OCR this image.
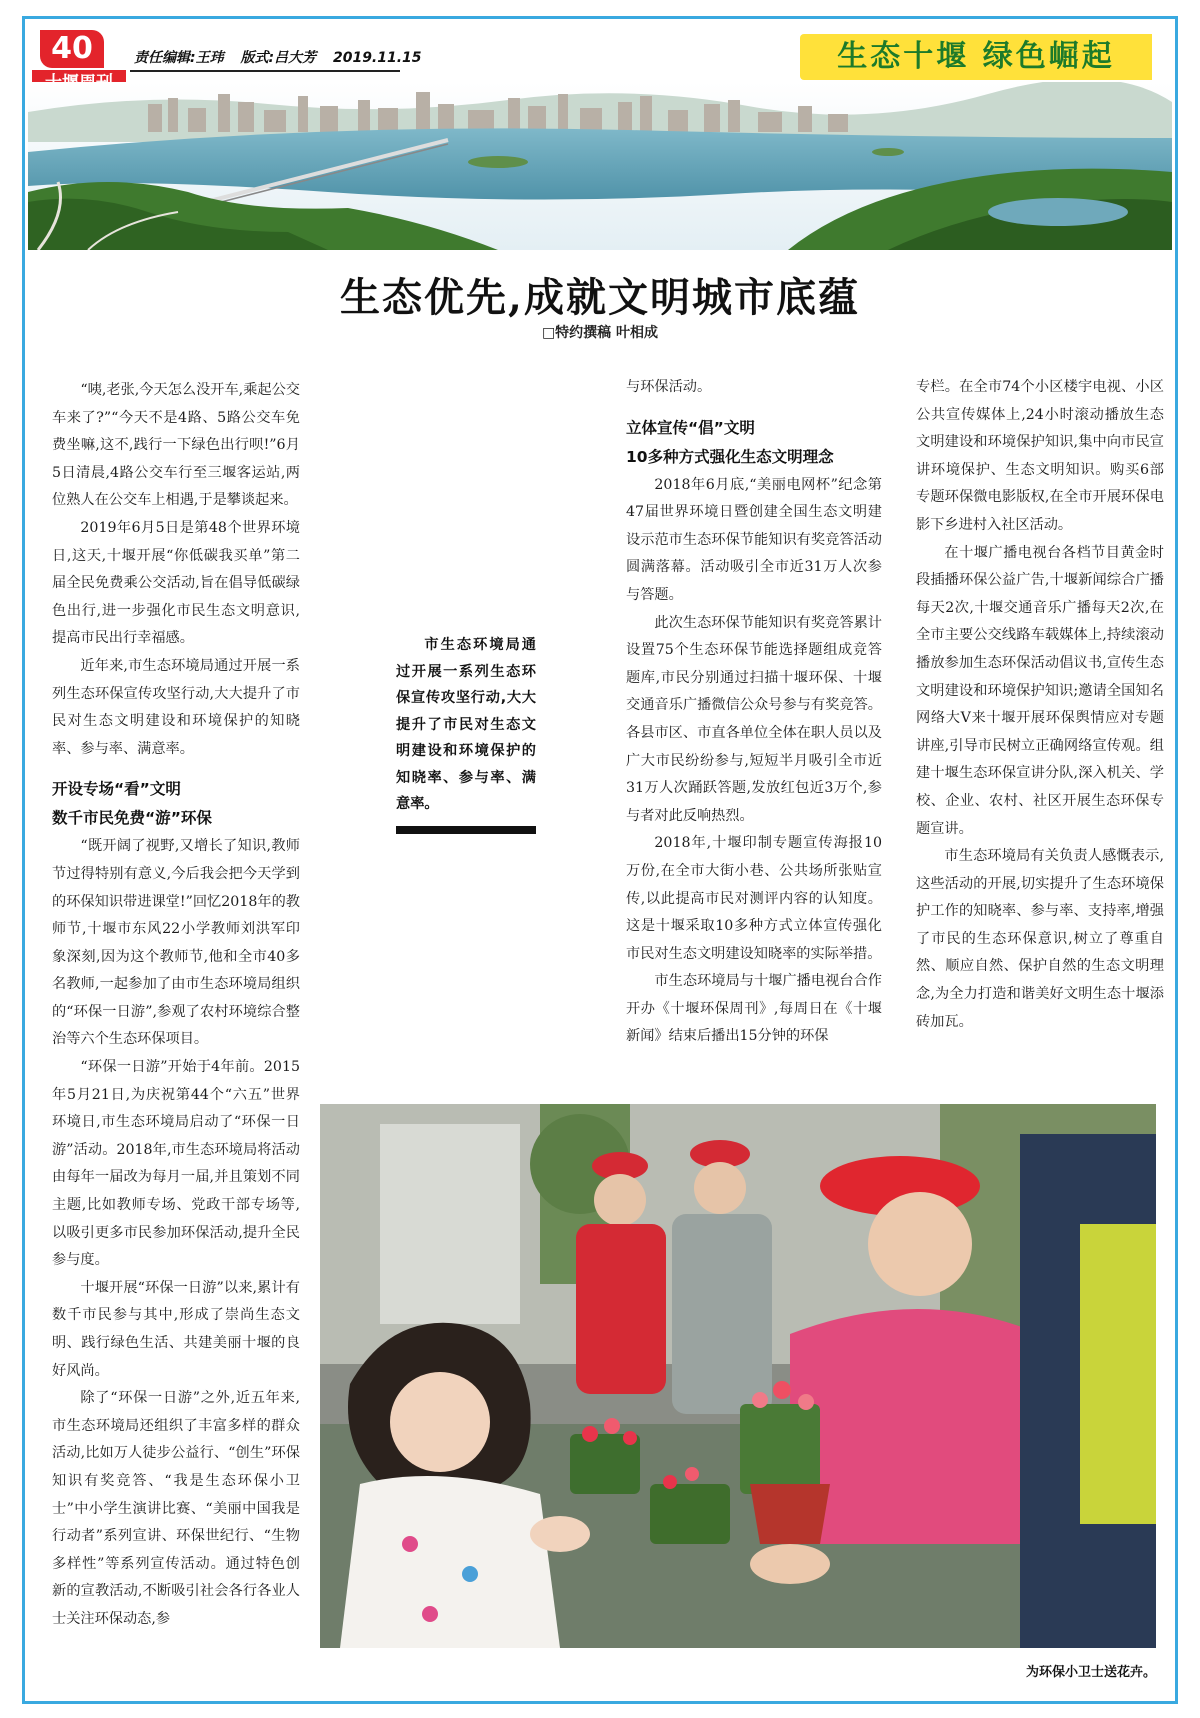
40	责任编辑:王玮 版式:吕大芳 2019.11.15	生态十堰 绿色崛起
生态优先,成就文明城市底蕴
□特约撰稿 叶相成

“咦,老张,今天怎么没开车,乘起公交车来了?”“今天不是4路、5路公交车免费坐嘛,这不,践行一下绿色出行呗!”6月5日清晨,4路公交车行至三堰客运站,两位熟人在公交车上相遇,于是攀谈起来。

2019年6月5日是第48个世界环境日,这天,十堰开展“你低碳我买单”第二届全民免费乘公交活动,旨在倡导低碳绿色出行,进一步强化市民生态文明意识,提高市民出行幸福感。

近年来,市生态环境局通过开展一系列生态环保宣传攻坚行动,大大提升了市民对生态文明建设和环境保护的知晓率、参与率、满意率。

开设专场“看”文明
数千市民免费“游”环保

“既开阔了视野,又增长了知识,教师节过得特别有意义,今后我会把今天学到的环保知识带进课堂!”回忆2018年的教师节,十堰市东风22小学教师刘洪军印象深刻,因为这个教师节,他和全市40多名教师,一起参加了由市生态环境局组织的“环保一日游”,参观了农村环境综合整治等六个生态环保项目。

“环保一日游”开始于4年前。2015年5月21日,为庆祝第44个“六五”世界环境日,市生态环境局启动了“环保一日游”活动。2018年,市生态环境局将活动由每年一届改为每月一届,并且策划不同主题,比如教师专场、党政干部专场等,以吸引更多市民参加环保活动,提升全民参与度。

十堰开展“环保一日游”以来,累计有数千市民参与其中,形成了崇尚生态文明、践行绿色生活、共建美丽十堰的良好风尚。

除了“环保一日游”之外,近五年来,市生态环境局还组织了丰富多样的群众活动,比如万人徒步公益行、“创生”环保知识有奖竞答、“我是生态环保小卫士”中小学生演讲比赛、“美丽中国我是行动者”系列宣讲、环保世纪行、“生物多样性”等系列宣传活动。通过特色创新的宣教活动,不断吸引社会各行各业人士关注环保动态,参

市生态环境局通过开展一系列生态环保宣传攻坚行动,大大提升了市民对生态文明建设和环境保护的知晓率、参与率、满意率。

与环保活动。

立体宣传“倡”文明
10多种方式强化生态文明理念

2018年6月底,“美丽电网杯”纪念第47届世界环境日暨创建全国生态文明建设示范市生态环保节能知识有奖竞答活动圆满落幕。活动吸引全市近31万人次参与答题。

此次生态环保节能知识有奖竞答累计设置75个生态环保节能选择题组成竞答题库,市民分别通过扫描十堰环保、十堰交通音乐广播微信公众号参与有奖竞答。各县市区、市直各单位全体在职人员以及广大市民纷纷参与,短短半月吸引全市近31万人次踊跃答题,发放红包近3万个,参与者对此反响热烈。

2018年,十堰印制专题宣传海报10万份,在全市大街小巷、公共场所张贴宣传,以此提高市民对测评内容的认知度。这是十堰采取10多种方式立体宣传强化市民对生态文明建设知晓率的实际举措。

市生态环境局与十堰广播电视台合作开办《十堰环保周刊》,每周日在《十堰新闻》结束后播出15分钟的环保

专栏。在全市74个小区楼宇电视、小区公共宣传媒体上,24小时滚动播放生态文明建设和环境保护知识,集中向市民宣讲环境保护、生态文明知识。购买6部专题环保微电影版权,在全市开展环保电影下乡进村入社区活动。

在十堰广播电视台各档节目黄金时段插播环保公益广告,十堰新闻综合广播每天2次,十堰交通音乐广播每天2次,在全市主要公交线路车载媒体上,持续滚动播放参加生态环保活动倡议书,宣传生态文明建设和环境保护知识;邀请全国知名网络大V来十堰开展环保舆情应对专题讲座,引导市民树立正确网络宣传观。组建十堰生态环保宣讲分队,深入机关、学校、企业、农村、社区开展生态环保专题宣讲。

市生态环境局有关负责人感慨表示,这些活动的开展,切实提升了生态环境保护工作的知晓率、参与率、支持率,增强了市民的生态环保意识,树立了尊重自然、顺应自然、保护自然的生态文明理念,为全力打造和谐美好文明生态十堰添砖加瓦。

为环保小卫士送花卉。
